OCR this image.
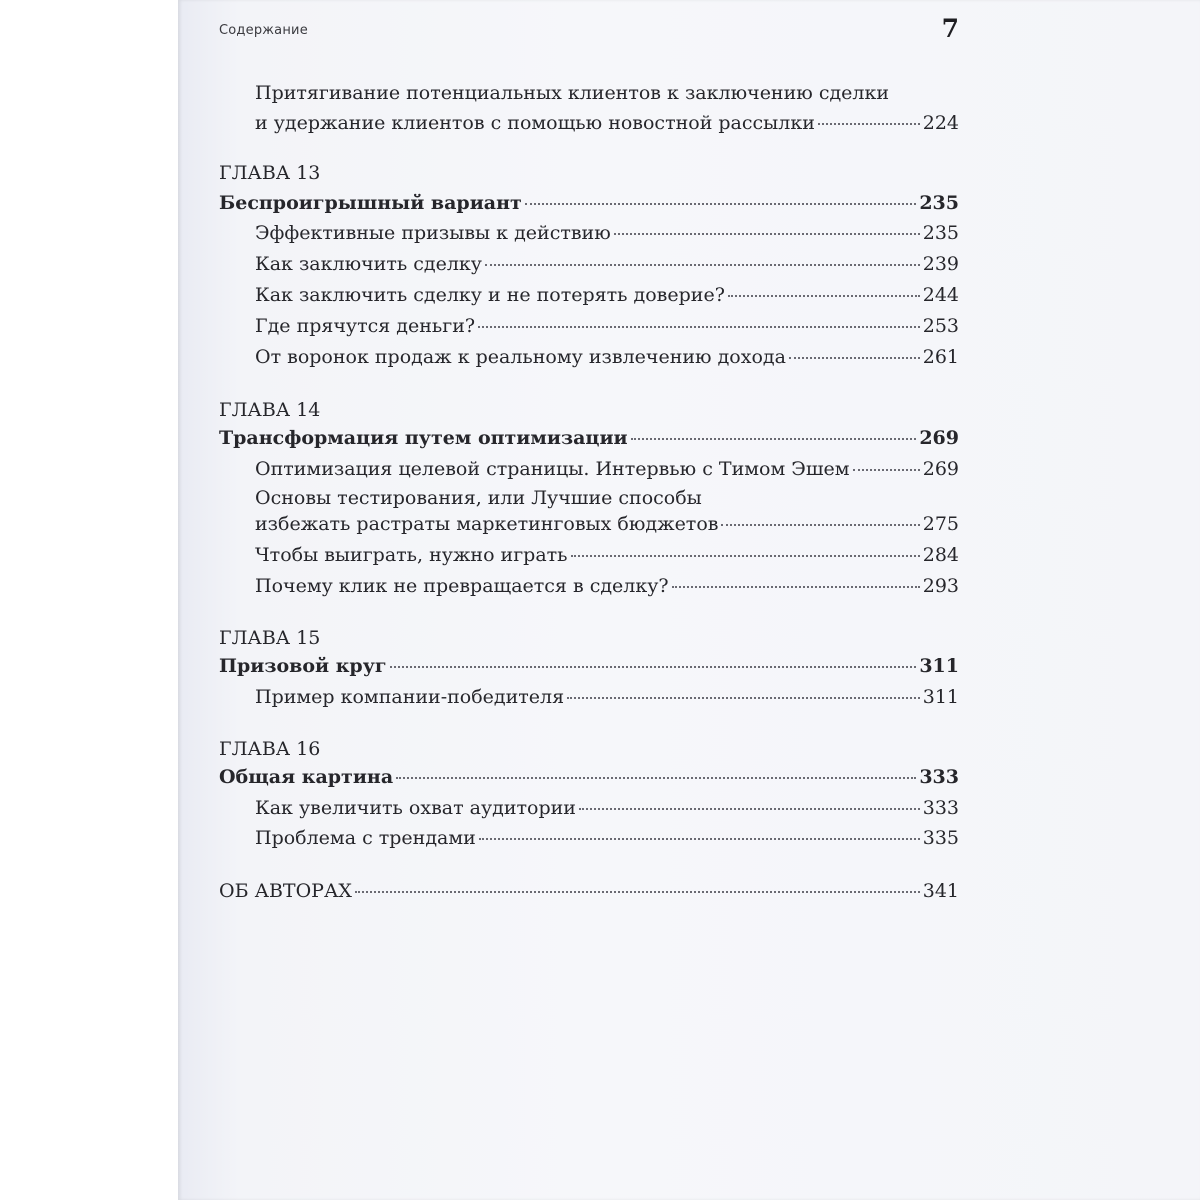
Содержание	7
Притягивание потенциальных клиентов к заключению сделки
и удержание клиентов с помощью новостной рассылки	224
ГЛАВА 13
Беспроигрышный вариант	235
Эффективные призывы к действию	235
Как заключить сделку	239
Как заключить сделку и не потерять доверие?	244
Где прячутся деньги?	253
От воронок продаж к реальному извлечению дохода	261
ГЛАВА 14
Трансформация путем оптимизации	269
Оптимизация целевой страницы. Интервью с Тимом Эшем	269
Основы тестирования, или Лучшие способы
избежать растраты маркетинговых бюджетов	275
Чтобы выиграть, нужно играть	284
Почему клик не превращается в сделку?	293
ГЛАВА 15
Призовой круг	311
Пример компании-победителя	311
ГЛАВА 16
Общая картина	333
Как увеличить охват аудитории	333
Проблема с трендами	335
ОБ АВТОРАХ	341
